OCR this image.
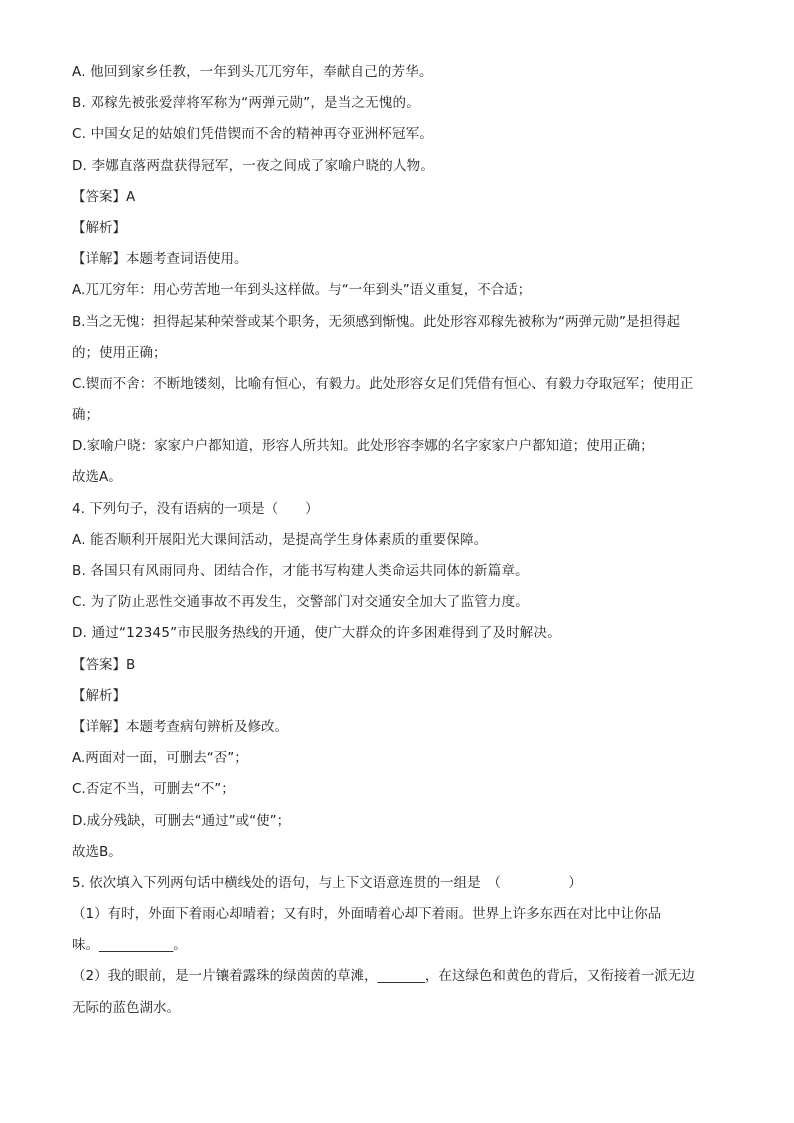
A. 他回到家乡任教，一年到头兀兀穷年，奉献自己的芳华。
B. 邓稼先被张爱萍将军称为“两弹元勋”，是当之无愧的。
C. 中国女足的姑娘们凭借锲而不舍的精神再夺亚洲杯冠军。
D. 李娜直落两盘获得冠军，一夜之间成了家喻户晓的人物。
【答案】A
【解析】
【详解】本题考查词语使用。
A.兀兀穷年：用心劳苦地一年到头这样做。与“一年到头”语义重复，不合适；
B.当之无愧：担得起某种荣誉或某个职务，无须感到惭愧。此处形容邓稼先被称为“两弹元勋”是担得起
的；使用正确；
C.锲而不舍：不断地镂刻，比喻有恒心，有毅力。此处形容女足们凭借有恒心、有毅力夺取冠军；使用正
确；
D.家喻户晓：家家户户都知道，形容人所共知。此处形容李娜的名字家家户户都知道；使用正确；
故选A。
4. 下列句子，没有语病的一项是（　　）
A. 能否顺利开展阳光大课间活动，是提高学生身体素质的重要保障。
B. 各国只有风雨同舟、团结合作，才能书写构建人类命运共同体的新篇章。
C. 为了防止恶性交通事故不再发生，交警部门对交通安全加大了监管力度。
D. 通过“12345”市民服务热线的开通，使广大群众的许多困难得到了及时解决。
【答案】B
【解析】
【详解】本题考查病句辨析及修改。
A.两面对一面，可删去“否”；
C.否定不当，可删去“不”；
D.成分残缺，可删去“通过”或“使”；
故选B。
5. 依次填入下列两句话中横线处的语句，与上下文语意连贯的一组是　（　　　　　）
（1）有时，外面下着雨心却晴着；又有时，外面晴着心却下着雨。世界上许多东西在对比中让你品
味。___________。
（2）我的眼前，是一片镶着露珠的绿茵茵的草滩，_______，在这绿色和黄色的背后，又衔接着一派无边
无际的蓝色湖水。
